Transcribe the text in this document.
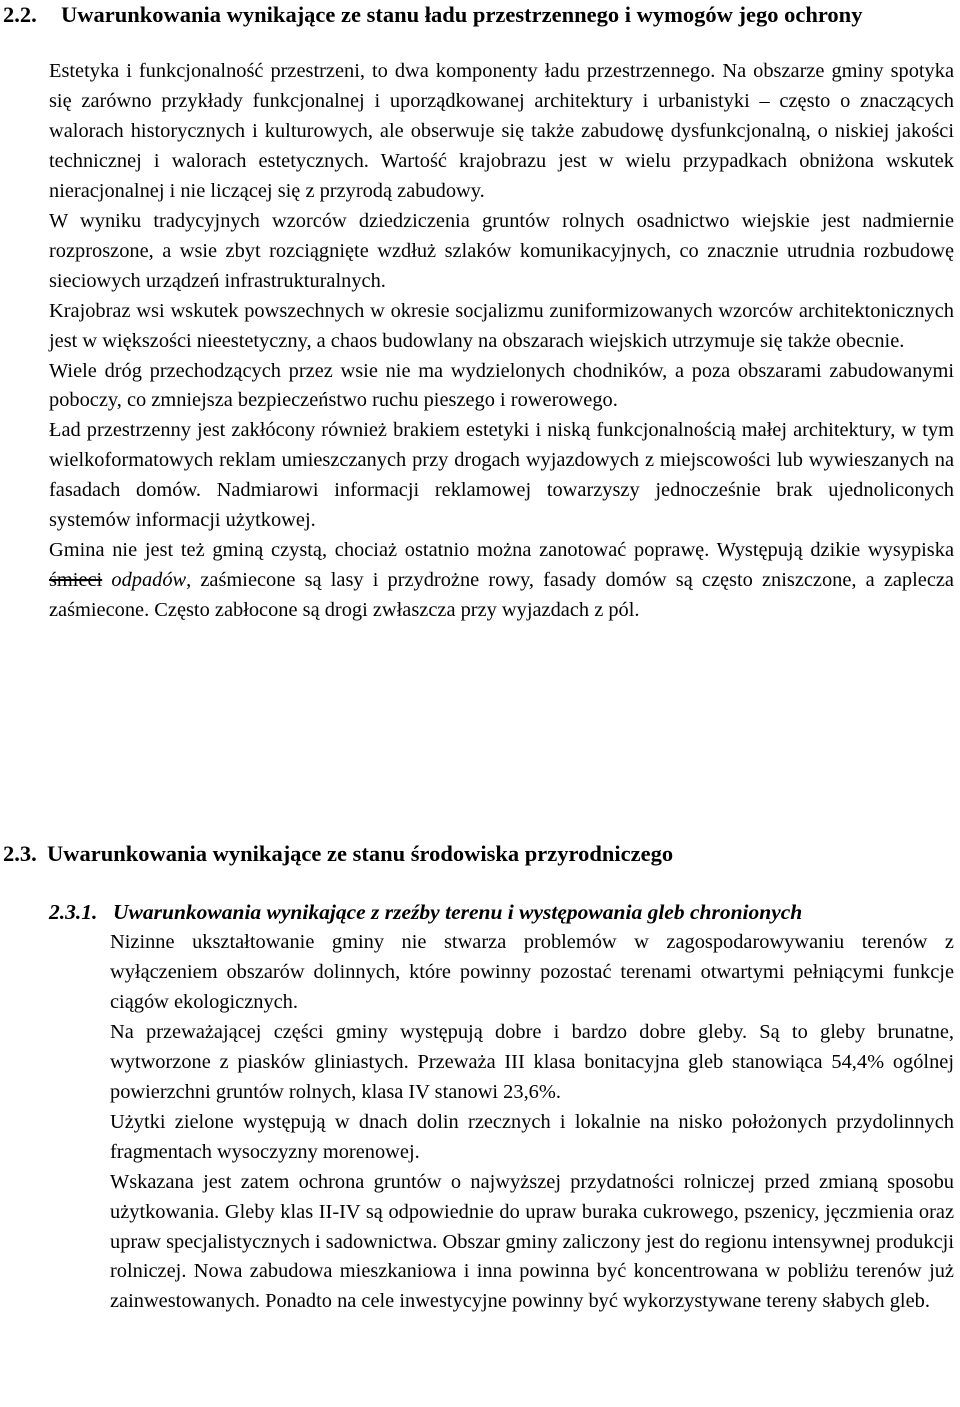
2.2. Uwarunkowania wynikające ze stanu ładu przestrzennego i wymogów jego ochrony

Estetyka i funkcjonalność przestrzeni, to dwa komponenty ładu przestrzennego. Na obszarze gminy spotyka się zarówno przykłady funkcjonalnej i uporządkowanej architektury i urbanistyki – często o znaczących walorach historycznych i kulturowych, ale obserwuje się także zabudowę dysfunkcjonalną, o niskiej jakości technicznej i walorach estetycznych. Wartość krajobrazu jest w wielu przypadkach obniżona wskutek nieracjonalnej i nie liczącej się z przyrodą zabudowy.

W wyniku tradycyjnych wzorców dziedziczenia gruntów rolnych osadnictwo wiejskie jest nadmiernie rozproszone, a wsie zbyt rozciągnięte wzdłuż szlaków komunikacyjnych, co znacznie utrudnia rozbudowę sieciowych urządzeń infrastrukturalnych.

Krajobraz wsi wskutek powszechnych w okresie socjalizmu zuniformizowanych wzorców architektonicznych jest w większości nieestetyczny, a chaos budowlany na obszarach wiejskich utrzymuje się także obecnie.

Wiele dróg przechodzących przez wsie nie ma wydzielonych chodników, a poza obszarami zabudowanymi poboczy, co zmniejsza bezpieczeństwo ruchu pieszego i rowerowego.

Ład przestrzenny jest zakłócony również brakiem estetyki i niską funkcjonalnością małej architektury, w tym wielkoformatowych reklam umieszczanych przy drogach wyjazdowych z miejscowości lub wywieszanych na fasadach domów. Nadmiarowi informacji reklamowej towarzyszy jednocześnie brak ujednoliconych systemów informacji użytkowej.

Gmina nie jest też gminą czystą, chociaż ostatnio można zanotować poprawę. Występują dzikie wysypiska śmieci odpadów, zaśmiecone są lasy i przydrożne rowy, fasady domów są często zniszczone, a zaplecza zaśmiecone. Często zabłocone są drogi zwłaszcza przy wyjazdach z pól.

2.3. Uwarunkowania wynikające ze stanu środowiska przyrodniczego
2.3.1. Uwarunkowania wynikające z rzeźby terenu i występowania gleb chronionych

Nizinne ukształtowanie gminy nie stwarza problemów w zagospodarowywaniu terenów z wyłączeniem obszarów dolinnych, które powinny pozostać terenami otwartymi pełniącymi funkcje ciągów ekologicznych.

Na przeważającej części gminy występują dobre i bardzo dobre gleby. Są to gleby brunatne, wytworzone z piasków gliniastych. Przeważa III klasa bonitacyjna gleb stanowiąca 54,4% ogólnej powierzchni gruntów rolnych, klasa IV stanowi 23,6%.

Użytki zielone występują w dnach dolin rzecznych i lokalnie na nisko położonych przydolinnych fragmentach wysoczyzny morenowej.

Wskazana jest zatem ochrona gruntów o najwyższej przydatności rolniczej przed zmianą sposobu użytkowania. Gleby klas II-IV są odpowiednie do upraw buraka cukrowego, pszenicy, jęczmienia oraz upraw specjalistycznych i sadownictwa. Obszar gminy zaliczony jest do regionu intensywnej produkcji rolniczej. Nowa zabudowa mieszkaniowa i inna powinna być koncentrowana w pobliżu terenów już zainwestowanych. Ponadto na cele inwestycyjne powinny być wykorzystywane tereny słabych gleb.
